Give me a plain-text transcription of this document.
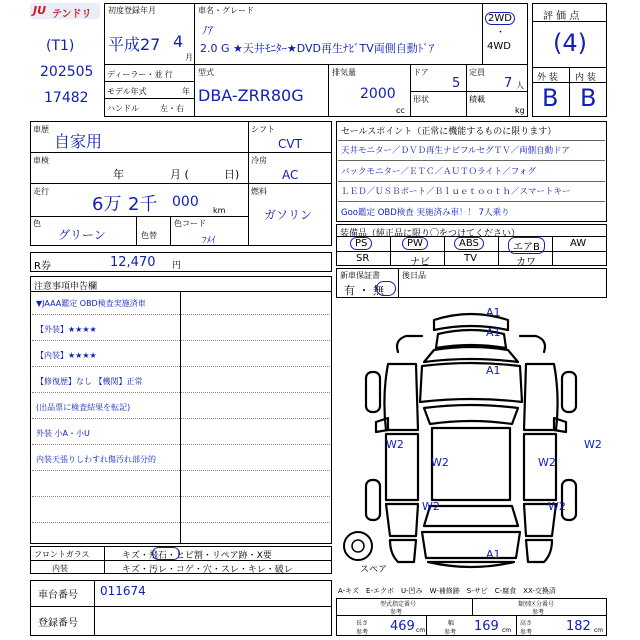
JU テンドリ
(T1)
202505
17482
初度登録年月
平成27 4
月
車名・グレード
ﾉｱ
2.0 G ★天井ﾓﾆﾀｰ★DVD再生ﾅﾋﾞTV両側自動ﾄﾞｱ
2WD
・
4WD
ディーラー・並 行
モデル年式	年
ハンドル	左・右
型式
DBA-ZRR80G
排気量
2000
cc
ドア
5
定員
7 人
形状	積載
kg
評 価 点
(4)
外 装 内 装
B B
車歴
自家用
車検
年	月 (	日)
走行
6万 2千 000
km
色
グリーン	色替
色コード
ﾌﾒｲ
シフト
CVT
冷房
AC
燃料
ガソリン
R券	12,470 円
セールスポイント（正常に機能するものに限ります）
天井モニター／ＤＶＤ再生ナビフルセグＴＶ／両側自動ドア
バックモニター／ＥＴＣ／ＡＵＴＯライト／フォグ
ＬＥＤ／ＵＳＢポート／Ｂｌｕｅｔｏｏｔｈ／スマートキー
Goo鑑定 OBD検査 実施済み車！！ 7人乗り
装備品（純正品に限り〇をつけてください）
PS	PW	ABS	エアB	AW
SR	ナビ	TV	カワ
新車保証書
有 ・ 無
後日品
注意事項申告欄
▼JAAA鑑定 OBD検査実施済車
【外装】★★★★
【内装】★★★★
【修復歴】なし 【機関】正常
(出品票に検査結果を転記)
外装 小A・小U
内装天張りしわすれ傷汚れ部分的
A1
A1
A1
W2	W2
W2	W2
W2	W2
A1
スペア
フロントガラス	キズ・飛石・ヒビ割・リペア跡・X要
内装	キズ・汚レ・コゲ・穴・スレ・キレ・破レ
車台番号 011674
登録番号
A-キズ　E-エクボ　U-凹み　W-補修跡　S-サビ　C-腐食　XX-交換済
型式指定番号
参考
類別区分番号
参考
長さ
参考 469 cm
幅
参考 169 cm
高さ
参考	182 cm
